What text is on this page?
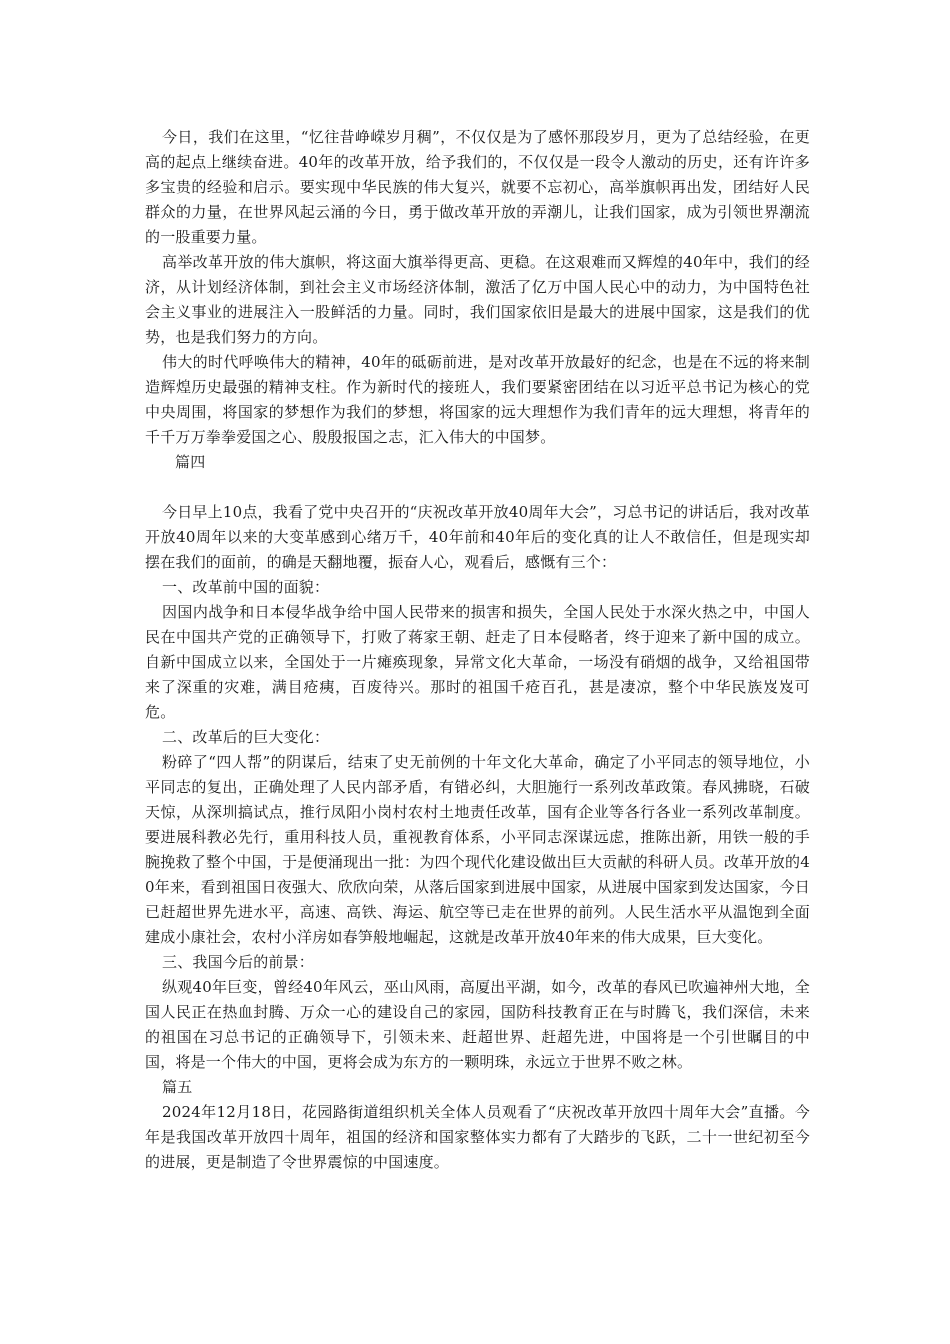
今日，我们在这里，“忆往昔峥嵘岁月稠”，不仅仅是为了感怀那段岁月，更为了总结经验，在更高的起点上继续奋进。40年的改革开放，给予我们的，不仅仅是一段令人激动的历史，还有许许多多宝贵的经验和启示。要实现中华民族的伟大复兴，就要不忘初心，高举旗帜再出发，团结好人民群众的力量，在世界风起云涌的今日，勇于做改革开放的弄潮儿，让我们国家，成为引领世界潮流的一股重要力量。

高举改革开放的伟大旗帜，将这面大旗举得更高、更稳。在这艰难而又辉煌的40年中，我们的经济，从计划经济体制，到社会主义市场经济体制，激活了亿万中国人民心中的动力，为中国特色社会主义事业的进展注入一股鲜活的力量。同时，我们国家依旧是最大的进展中国家，这是我们的优势，也是我们努力的方向。

伟大的时代呼唤伟大的精神，40年的砥砺前进，是对改革开放最好的纪念，也是在不远的将来制造辉煌历史最强的精神支柱。作为新时代的接班人，我们要紧密团结在以习近平总书记为核心的党中央周围，将国家的梦想作为我们的梦想，将国家的远大理想作为我们青年的远大理想，将青年的千千万万拳拳爱国之心、殷殷报国之志，汇入伟大的中国梦。

篇四

今日早上10点，我看了党中央召开的“庆祝改革开放40周年大会”，习总书记的讲话后，我对改革开放40周年以来的大变革感到心绪万千，40年前和40年后的变化真的让人不敢信任，但是现实却摆在我们的面前，的确是天翻地覆，振奋人心，观看后，感慨有三个：

一、改革前中国的面貌：

因国内战争和日本侵华战争给中国人民带来的损害和损失，全国人民处于水深火热之中，中国人民在中国共产党的正确领导下，打败了蒋家王朝、赶走了日本侵略者，终于迎来了新中国的成立。自新中国成立以来，全国处于一片瘫痪现象，异常文化大革命，一场没有硝烟的战争，又给祖国带来了深重的灾难，满目疮痍，百废待兴。那时的祖国千疮百孔，甚是凄凉，整个中华民族岌岌可危。

二、改革后的巨大变化：

粉碎了“四人帮”的阴谋后，结束了史无前例的十年文化大革命，确定了小平同志的领导地位，小平同志的复出，正确处理了人民内部矛盾，有错必纠，大胆施行一系列改革政策。春风拂晓，石破天惊，从深圳搞试点，推行凤阳小岗村农村土地责任改革，国有企业等各行各业一系列改革制度。要进展科教必先行，重用科技人员，重视教育体系，小平同志深谋远虑，推陈出新，用铁一般的手腕挽救了整个中国，于是便涌现出一批：为四个现代化建设做出巨大贡献的科研人员。改革开放的40年来，看到祖国日夜强大、欣欣向荣，从落后国家到进展中国家，从进展中国家到发达国家，今日已赶超世界先进水平，高速、高铁、海运、航空等已走在世界的前列。人民生活水平从温饱到全面建成小康社会，农村小洋房如春笋般地崛起，这就是改革开放40年来的伟大成果，巨大变化。

三、我国今后的前景：

纵观40年巨变，曾经40年风云，巫山风雨，高厦出平湖，如今，改革的春风已吹遍神州大地，全国人民正在热血封腾、万众一心的建设自己的家园，国防科技教育正在与时腾飞，我们深信，未来的祖国在习总书记的正确领导下，引领未来、赶超世界、赶超先进，中国将是一个引世瞩目的中国，将是一个伟大的中国，更将会成为东方的一颗明珠，永远立于世界不败之林。

篇五

2024年12月18日，花园路街道组织机关全体人员观看了“庆祝改革开放四十周年大会”直播。今年是我国改革开放四十周年，祖国的经济和国家整体实力都有了大踏步的飞跃，二十一世纪初至今的进展，更是制造了令世界震惊的中国速度。
